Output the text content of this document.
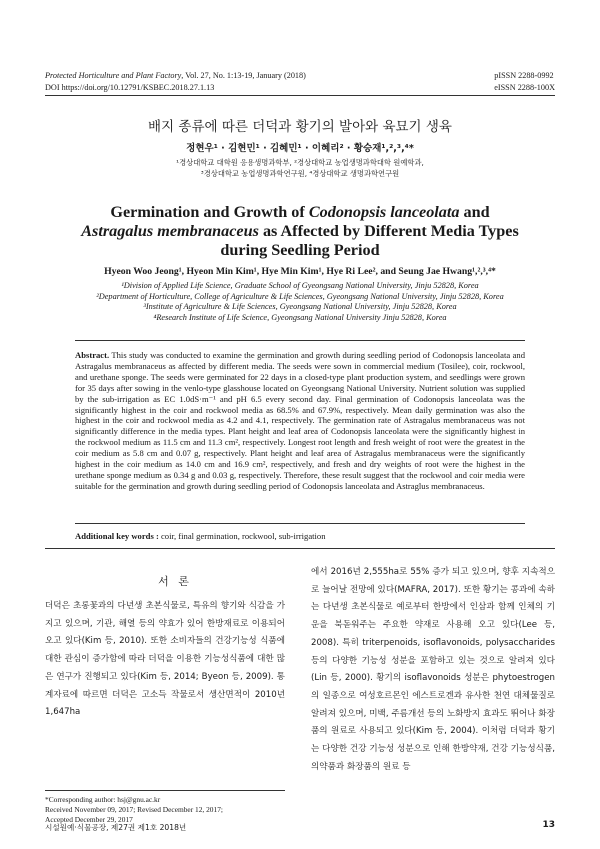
Protected Horticulture and Plant Factory, Vol. 27, No. 1:13-19, January (2018)
DOI https://doi.org/10.12791/KSBEC.2018.27.1.13
pISSN 2288-0992
eISSN 2288-100X
배지 종류에 따른 더덕과 황기의 발아와 육묘기 생육
정현우¹ · 김현민¹ · 김혜민¹ · 이혜리² · 황승재¹,²,³,⁴*
¹경상대학교 대학원 응용생명과학부, ²경상대학교 농업생명과학대학 원예학과,
³경상대학교 농업생명과학연구원, ⁴경상대학교 생명과학연구원
Germination and Growth of Codonopsis lanceolata and
Astragalus membranaceus as Affected by Different Media Types
during Seedling Period
Hyeon Woo Jeong¹, Hyeon Min Kim¹, Hye Min Kim¹, Hye Ri Lee², and Seung Jae Hwang¹,²,³,⁴*
¹Division of Applied Life Science, Graduate School of Gyeongsang National University, Jinju 52828, Korea
²Department of Horticulture, College of Agriculture & Life Sciences, Gyeongsang National University, Jinju 52828, Korea
³Institute of Agriculture & Life Sciences, Gyeongsang National University, Jinju 52828, Korea
⁴Research Institute of Life Science, Gyeongsang National University Jinju 52828, Korea
Abstract. This study was conducted to examine the germination and growth during seedling period of Codonopsis lanceolata and Astragalus membranaceus as affected by different media. The seeds were sown in commercial medium (Tosilee), coir, rockwool, and urethane sponge. The seeds were germinated for 22 days in a closed-type plant production system, and seedlings were grown for 35 days after sowing in the venlo-type glasshouse located on Gyeongsang National University. Nutrient solution was supplied by the sub-irrigation as EC 1.0dS·m⁻¹ and pH 6.5 every second day. Final germination of Codonopsis lanceolata was the significantly highest in the coir and rockwool media as 68.5% and 67.9%, respectively. Mean daily germination was also the highest in the coir and rockwool media as 4.2 and 4.1, respectively. The germination rate of Astragalus membranaceus was not significantly difference in the media types. Plant height and leaf area of Codonopsis lanceolata were the significantly highest in the rockwool medium as 11.5 cm and 11.3 cm², respectively. Longest root length and fresh weight of root were the greatest in the coir medium as 5.8 cm and 0.07 g, respectively. Plant height and leaf area of Astragalus membranaceus were the significantly highest in the coir medium as 14.0 cm and 16.9 cm², respectively, and fresh and dry weights of root were the highest in the urethane sponge medium as 0.34 g and 0.03 g, respectively. Therefore, these result suggest that the rockwool and coir media were suitable for the germination and growth during seedling period of Codonopsis lanceolata and Astraglus membranaceus.
Additional key words : coir, final germination, rockwool, sub-irrigation
서 론
더덕은 초롱꽃과의 다년생 초본식물로, 특유의 향기와 식감을 가지고 있으며, 기관, 해열 등의 약효가 있어 한방재료로 이용되어 오고 있다(Kim 등, 2010). 또한 소비자들의 건강기능성 식품에 대한 관심이 증가함에 따라 더덕을 이용한 기능성식품에 대한 많은 연구가 진행되고 있다(Kim 등, 2014; Byeon 등, 2009). 통계자료에 따르면 더덕은 고소득 작물로서 생산면적이 2010년 1,647ha
에서 2016년 2,555ha로 55% 증가 되고 있으며, 향후 지속적으로 늘어날 전망에 있다(MAFRA, 2017). 또한 황기는 콩과에 속하는 다년생 초본식물로 예로부터 한방에서 인삼과 함께 인체의 기운을 북돋워주는 주요한 약재로 사용해 오고 있다(Lee 등, 2008). 특히 triterpenoids, isoflavonoids, polysaccharides 등의 다양한 기능성 성분을 포함하고 있는 것으로 알려져 있다(Lin 등, 2000). 황기의 isoflavonoids 성분은 phytoestrogen의 일종으로 여성호르몬인 에스트로겐과 유사한 천연 대체물질로 알려져 있으며, 미백, 주름개선 등의 노화방지 효과도 뛰어나 화장품의 원료로 사용되고 있다(Kim 등, 2004). 이처럼 더덕과 황기는 다양한 건강 기능성 성분으로 인해 한방약재, 건강 기능성식품, 의약품과 화장품의 원료 등
*Corresponding author: hsj@gnu.ac.kr
Received November 09, 2017; Revised December 12, 2017;
Accepted December 29, 2017
시설원예·식물공장, 제27권 제1호 2018년	13
